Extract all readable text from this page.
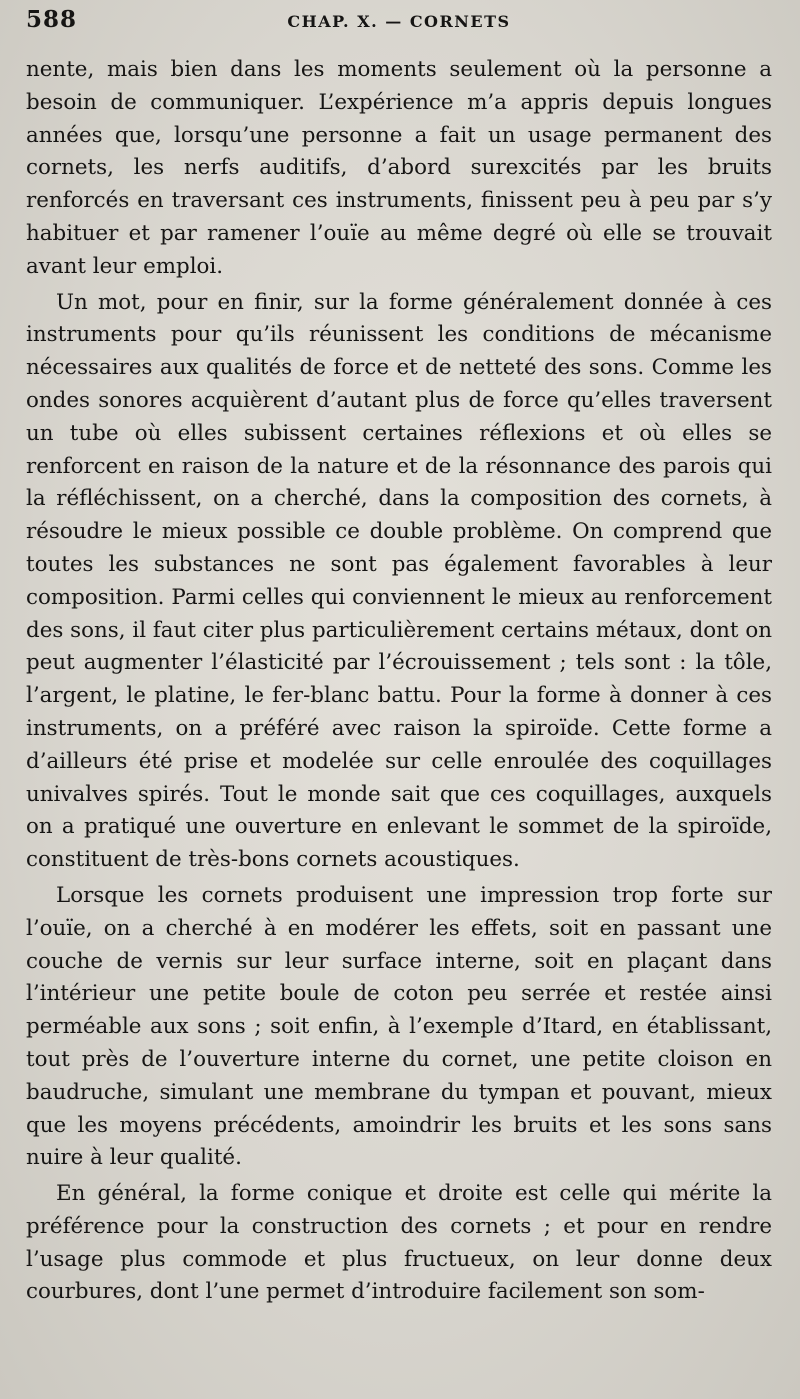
588	CHAP. X. — CORNETS

nente, mais bien dans les moments seulement où la personne a besoin de communiquer. L’expérience m’a appris depuis longues années que, lorsqu’une personne a fait un usage permanent des cornets, les nerfs auditifs, d’abord surexcités par les bruits renforcés en traversant ces instruments, finissent peu à peu par s’y habituer et par ramener l’ouïe au même degré où elle se trouvait avant leur emploi.

Un mot, pour en finir, sur la forme généralement donnée à ces instruments pour qu’ils réunissent les conditions de mécanisme nécessaires aux qualités de force et de netteté des sons. Comme les ondes sonores acquièrent d’autant plus de force qu’elles traversent un tube où elles subissent certaines réflexions et où elles se renforcent en raison de la nature et de la résonnance des parois qui la réfléchissent, on a cherché, dans la composition des cornets, à résoudre le mieux possible ce double problème. On comprend que toutes les substances ne sont pas également favorables à leur composition. Parmi celles qui conviennent le mieux au renforcement des sons, il faut citer plus particulièrement certains métaux, dont on peut augmenter l’élasticité par l’écrouissement ; tels sont : la tôle, l’argent, le platine, le fer-blanc battu. Pour la forme à donner à ces instruments, on a préféré avec raison la spiroïde. Cette forme a d’ailleurs été prise et modelée sur celle enroulée des coquillages univalves spirés. Tout le monde sait que ces coquillages, auxquels on a pratiqué une ouverture en enlevant le sommet de la spiroïde, constituent de très-bons cornets acoustiques.

Lorsque les cornets produisent une impression trop forte sur l’ouïe, on a cherché à en modérer les effets, soit en passant une couche de vernis sur leur surface interne, soit en plaçant dans l’intérieur une petite boule de coton peu serrée et restée ainsi perméable aux sons ; soit enfin, à l’exemple d’Itard, en établissant, tout près de l’ouverture interne du cornet, une petite cloison en baudruche, simulant une membrane du tympan et pouvant, mieux que les moyens précédents, amoindrir les bruits et les sons sans nuire à leur qualité.

En général, la forme conique et droite est celle qui mérite la préférence pour la construction des cornets ; et pour en rendre l’usage plus commode et plus fructueux, on leur donne deux courbures, dont l’une permet d’introduire facilement son som-
